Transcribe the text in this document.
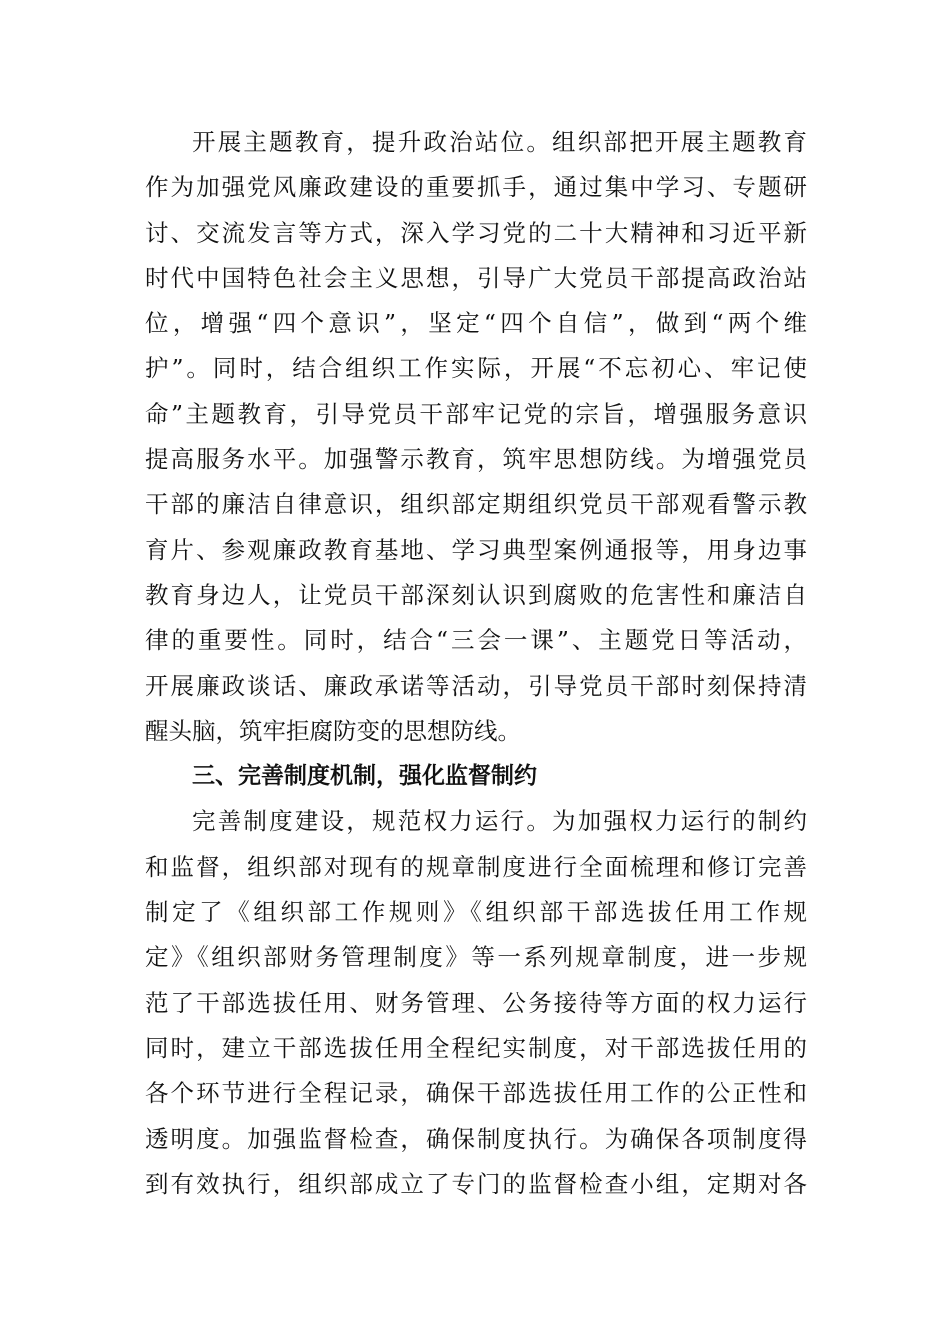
开展主题教育，提升政治站位。组织部把开展主题教育
作为加强党风廉政建设的重要抓手，通过集中学习、专题研
讨、交流发言等方式，深入学习党的二十大精神和习近平新
时代中国特色社会主义思想，引导广大党员干部提高政治站
位，增强“四个意识”，坚定“四个自信”，做到“两个维
护”。同时，结合组织工作实际，开展“不忘初心、牢记使
命”主题教育，引导党员干部牢记党的宗旨，增强服务意识
提高服务水平。加强警示教育，筑牢思想防线。为增强党员
干部的廉洁自律意识，组织部定期组织党员干部观看警示教
育片、参观廉政教育基地、学习典型案例通报等，用身边事
教育身边人，让党员干部深刻认识到腐败的危害性和廉洁自
律的重要性。同时，结合“三会一课”、主题党日等活动，
开展廉政谈话、廉政承诺等活动，引导党员干部时刻保持清
醒头脑，筑牢拒腐防变的思想防线。
三、完善制度机制，强化监督制约
完善制度建设，规范权力运行。为加强权力运行的制约
和监督，组织部对现有的规章制度进行全面梳理和修订完善
制定了《组织部工作规则》《组织部干部选拔任用工作规
定》《组织部财务管理制度》等一系列规章制度，进一步规
范了干部选拔任用、财务管理、公务接待等方面的权力运行
同时，建立干部选拔任用全程纪实制度，对干部选拔任用的
各个环节进行全程记录，确保干部选拔任用工作的公正性和
透明度。加强监督检查，确保制度执行。为确保各项制度得
到有效执行，组织部成立了专门的监督检查小组，定期对各
